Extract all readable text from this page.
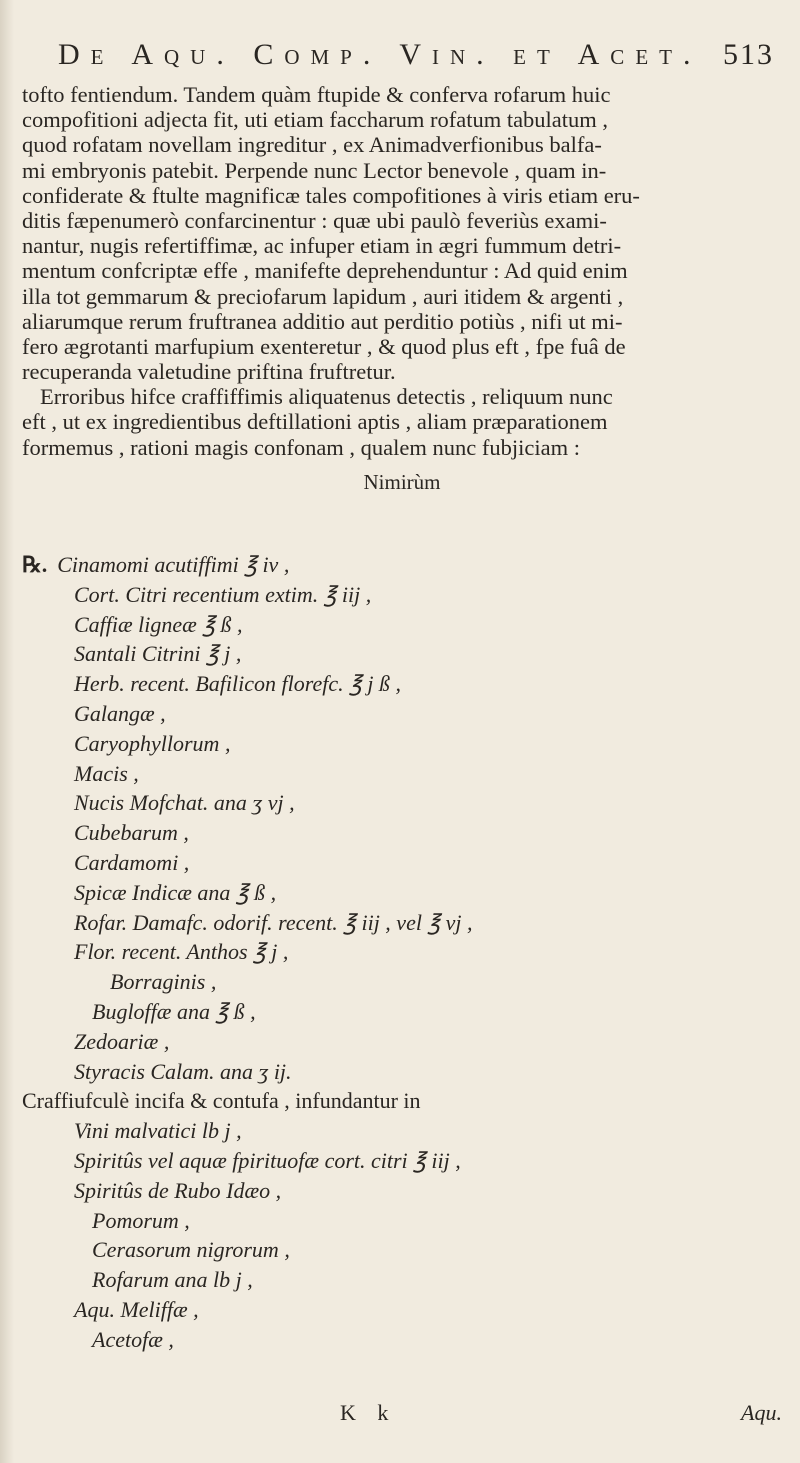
De Aqu. Comp. Vin. et Acet. 513
tofto fentiendum. Tandem quàm ftupide & conferva rofarum huic
compofitioni adjecta fit, uti etiam faccharum rofatum tabulatum ,
quod rofatam novellam ingreditur , ex Animadverfionibus balfa-
mi embryonis patebit. Perpende nunc Lector benevole , quam in-
confiderate & ftulte magnificæ tales compofitiones à viris etiam eru-
ditis fæpenumerò confarcinentur : quæ ubi paulò feveriùs exami-
nantur, nugis refertiffimæ, ac infuper etiam in ægri fummum detri-
mentum confcriptæ effe , manifefte deprehenduntur : Ad quid enim
illa tot gemmarum & preciofarum lapidum , auri itidem & argenti ,
aliarumque rerum fruftranea additio aut perditio potiùs , nifi ut mi-
fero ægrotanti marfupium exenteretur , & quod plus eft , fpe fuâ de
recuperanda valetudine priftina fruftretur.
Erroribus hifce craffiffimis aliquatenus detectis , reliquum nunc
eft , ut ex ingredientibus deftillationi aptis , aliam præparationem
formemus , rationi magis confonam , qualem nunc fubjiciam :
Nimirùm
℞. Cinamomi acutiffimi ℥ iv ,
Cort. Citri recentium extim. ℥ iij ,
Caffiæ ligneæ ℥ ß ,
Santali Citrini ℥ j ,
Herb. recent. Bafilicon florefc. ℥ j ß ,
Galangæ ,
Caryophyllorum ,
Macis ,
Nucis Mofchat. ana ʒ vj ,
Cubebarum ,
Cardamomi ,
Spicæ Indicæ ana ℥ ß ,
Rofar. Damafc. odorif. recent. ℥ iij , vel ℥ vj ,
Flor. recent. Anthos ℥ j ,
Borraginis ,
Bugloffæ ana ℥ ß ,
Zedoariæ ,
Styracis Calam. ana ʒ ij.
Craffiufculè incifa & contufa , infundantur in
Vini malvatici lb j ,
Spiritûs vel aquæ fpirituofæ cort. citri ℥ iij ,
Spiritûs de Rubo Idæo ,
Pomorum ,
Cerasorum nigrorum ,
Rofarum ana lb j ,
Aqu. Meliffæ ,
Acetofæ ,
K k	Aqu.
